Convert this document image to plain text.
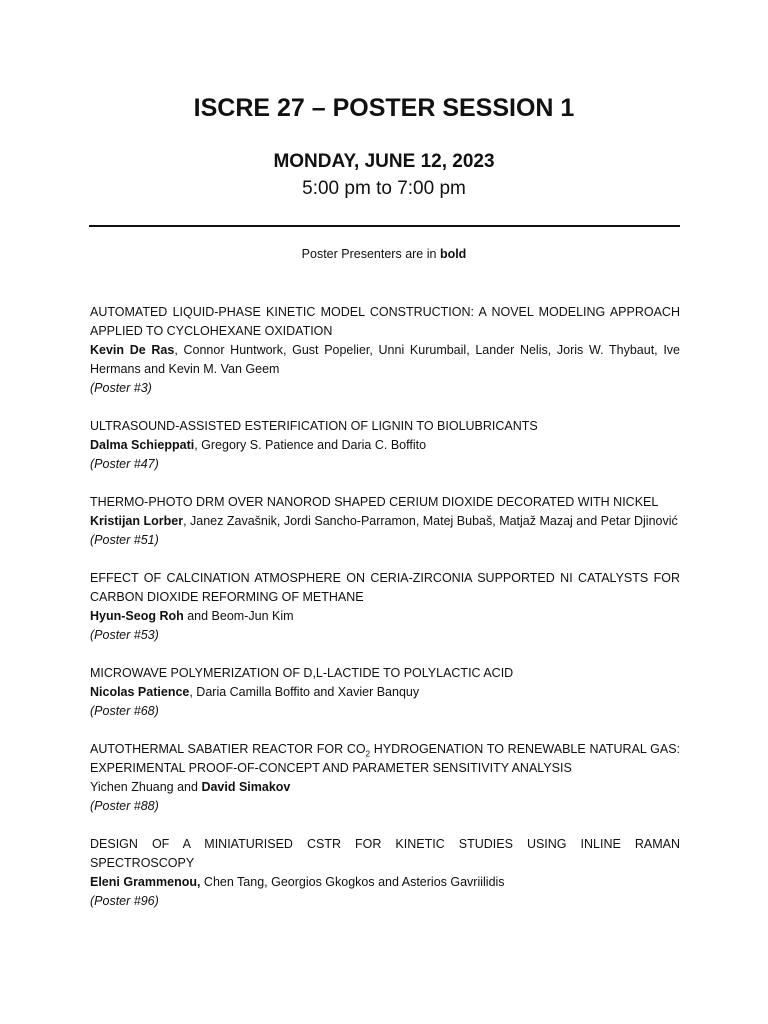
ISCRE 27 – POSTER SESSION 1
MONDAY, JUNE 12, 2023
5:00 pm to 7:00 pm
Poster Presenters are in bold
AUTOMATED LIQUID-PHASE KINETIC MODEL CONSTRUCTION: A NOVEL MODELING APPROACH APPLIED TO CYCLOHEXANE OXIDATION
Kevin De Ras, Connor Huntwork, Gust Popelier, Unni Kurumbail, Lander Nelis, Joris W. Thybaut, Ive Hermans and Kevin M. Van Geem
(Poster #3)
ULTRASOUND-ASSISTED ESTERIFICATION OF LIGNIN TO BIOLUBRICANTS
Dalma Schieppati, Gregory S. Patience and Daria C. Boffito
(Poster #47)
THERMO-PHOTO DRM OVER NANOROD SHAPED CERIUM DIOXIDE DECORATED WITH NICKEL
Kristijan Lorber, Janez Zavašnik, Jordi Sancho-Parramon, Matej Bubaš, Matjaž Mazaj and Petar Djinović
(Poster #51)
EFFECT OF CALCINATION ATMOSPHERE ON CERIA-ZIRCONIA SUPPORTED NI CATALYSTS FOR CARBON DIOXIDE REFORMING OF METHANE
Hyun-Seog Roh and Beom-Jun Kim
(Poster #53)
MICROWAVE POLYMERIZATION OF D,L-LACTIDE TO POLYLACTIC ACID
Nicolas Patience, Daria Camilla Boffito and Xavier Banquy
(Poster #68)
AUTOTHERMAL SABATIER REACTOR FOR $CO_2$ HYDROGENATION TO RENEWABLE NATURAL GAS: EXPERIMENTAL PROOF-OF-CONCEPT AND PARAMETER SENSITIVITY ANALYSIS
Yichen Zhuang and David Simakov
(Poster #88)
DESIGN OF A MINIATURISED CSTR FOR KINETIC STUDIES USING INLINE RAMAN SPECTROSCOPY
Eleni Grammenou, Chen Tang, Georgios Gkogkos and Asterios Gavriilidis
(Poster #96)
